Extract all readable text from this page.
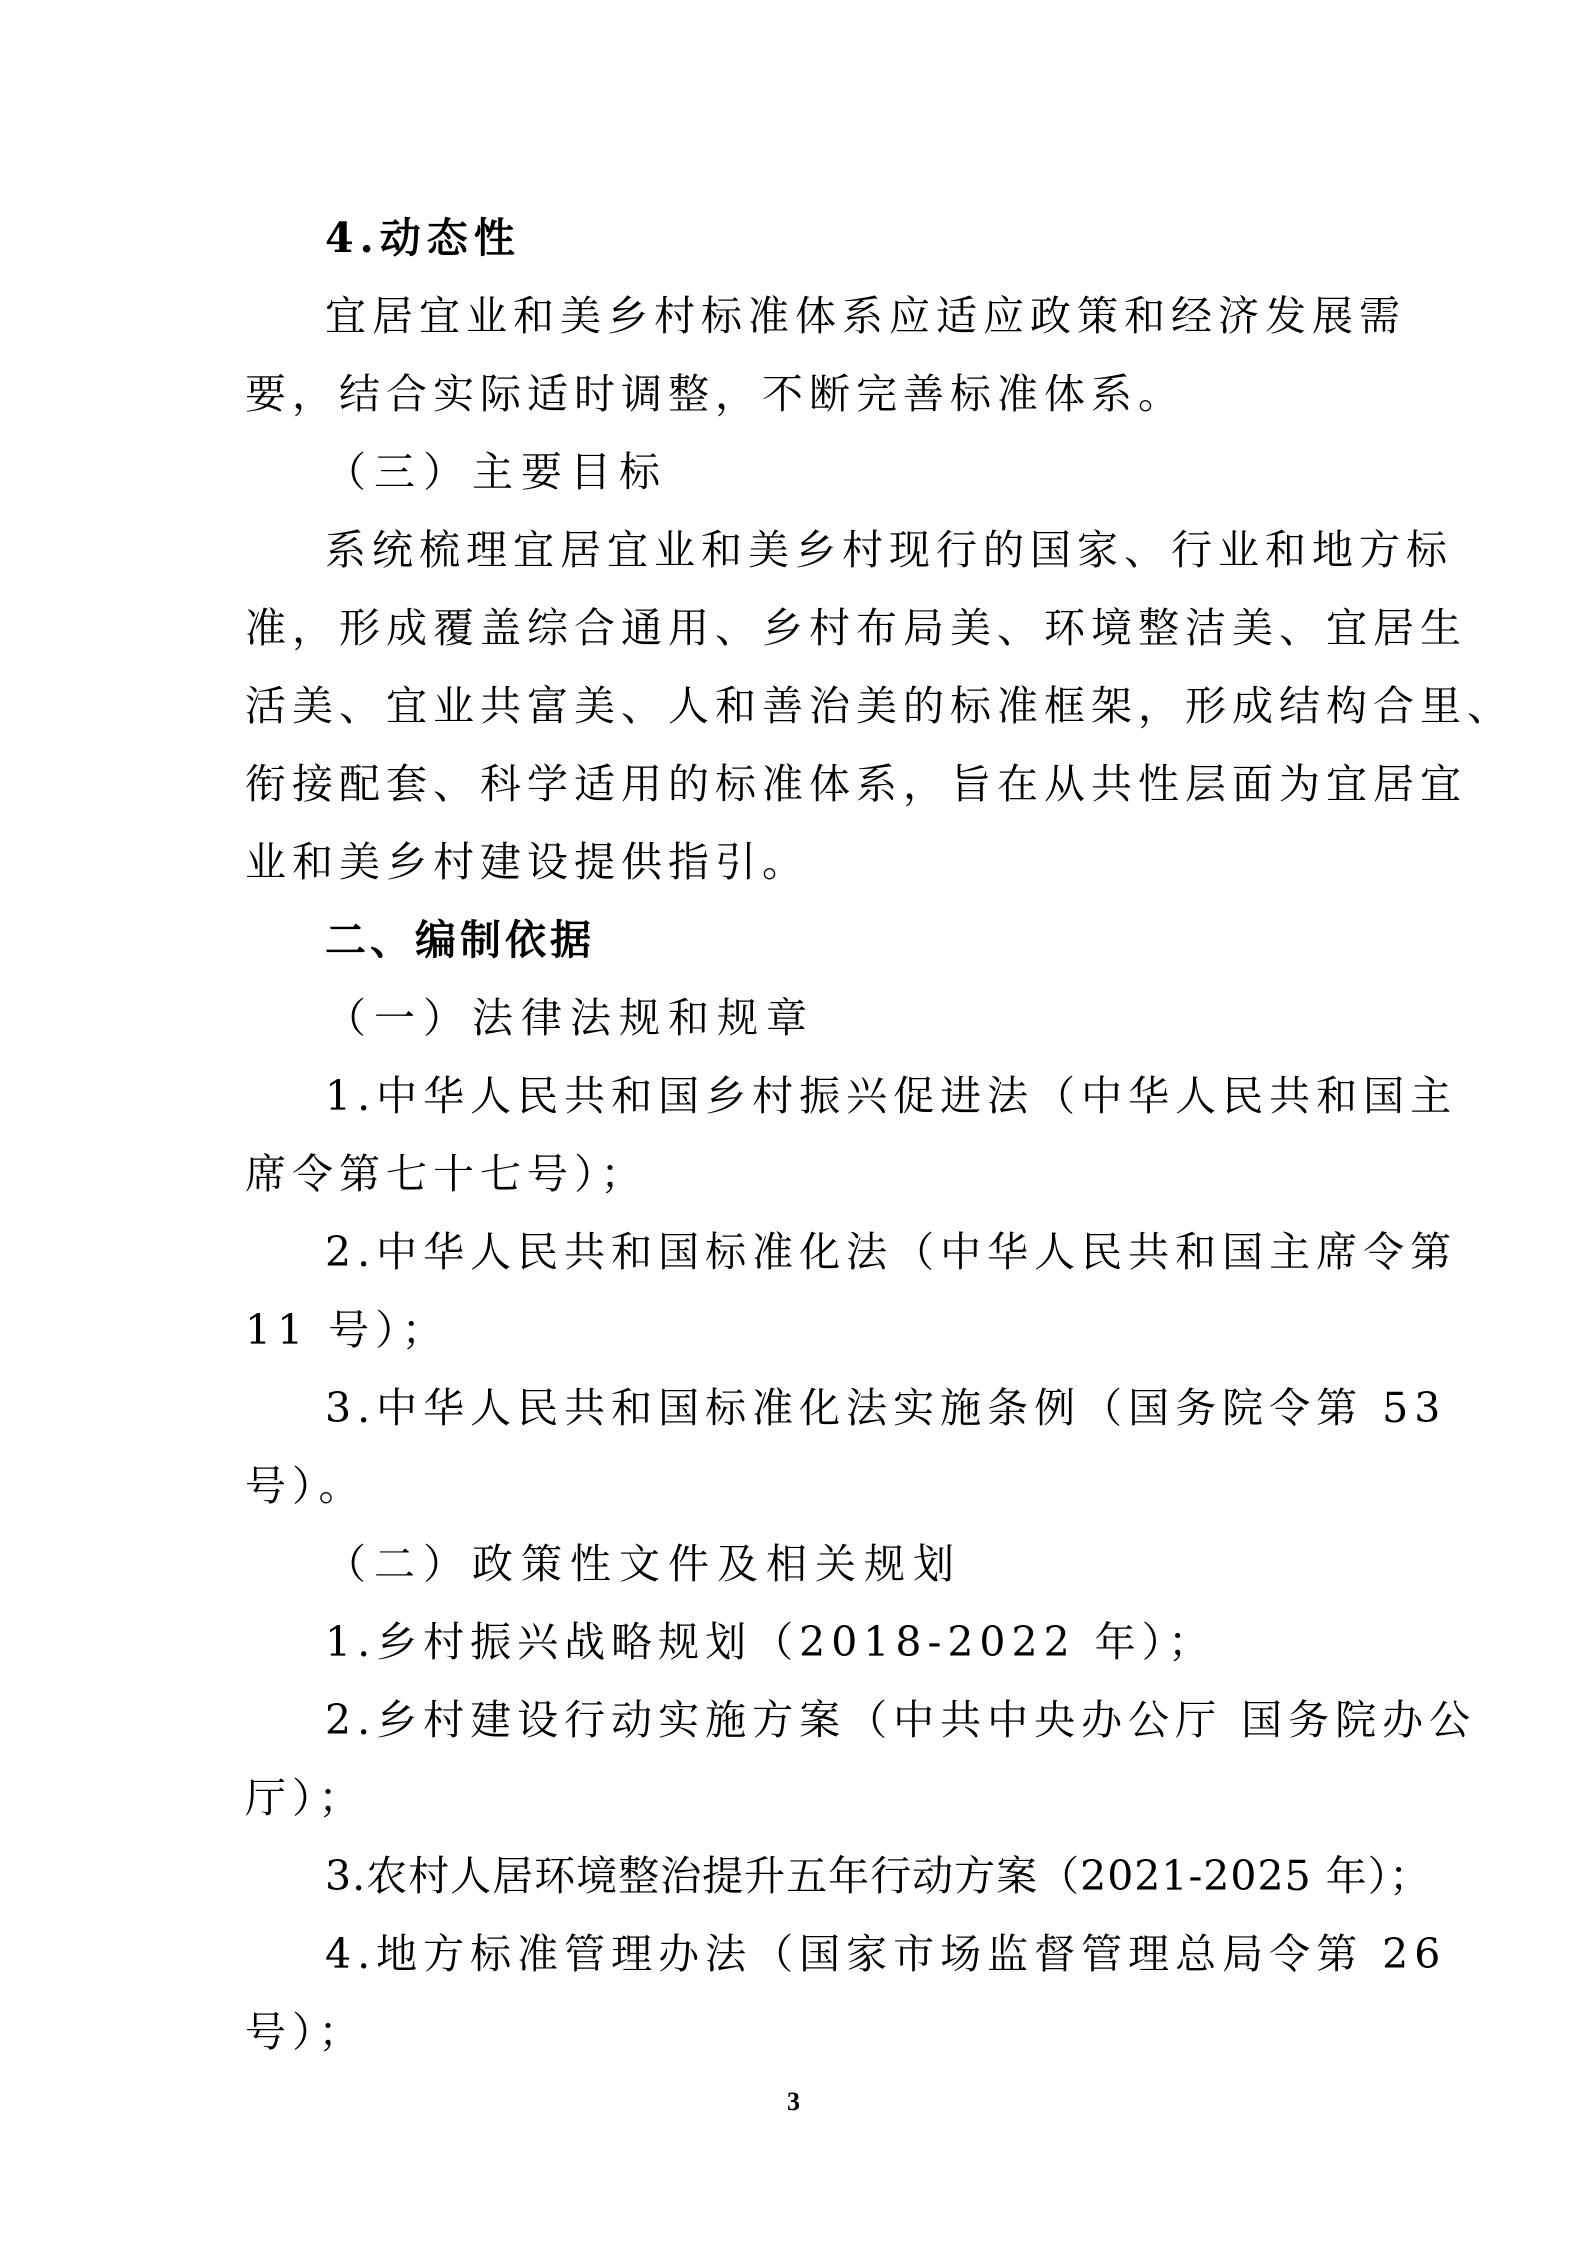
4.动态性
宜居宜业和美乡村标准体系应适应政策和经济发展需
要，结合实际适时调整，不断完善标准体系。
（三）主要目标
系统梳理宜居宜业和美乡村现行的国家、行业和地方标
准，形成覆盖综合通用、乡村布局美、环境整洁美、宜居生
活美、宜业共富美、人和善治美的标准框架，形成结构合里、
衔接配套、科学适用的标准体系，旨在从共性层面为宜居宜
业和美乡村建设提供指引。
二、编制依据
（一）法律法规和规章
1.中华人民共和国乡村振兴促进法（中华人民共和国主
席令第七十七号）；
2.中华人民共和国标准化法（中华人民共和国主席令第
11 号）；
3.中华人民共和国标准化法实施条例（国务院令第 53
号）。
（二）政策性文件及相关规划
1.乡村振兴战略规划（2018-2022 年）；
2.乡村建设行动实施方案（中共中央办公厅 国务院办公
厅）；
3.农村人居环境整治提升五年行动方案（2021-2025 年）；
4.地方标准管理办法（国家市场监督管理总局令第 26
号）；
3
